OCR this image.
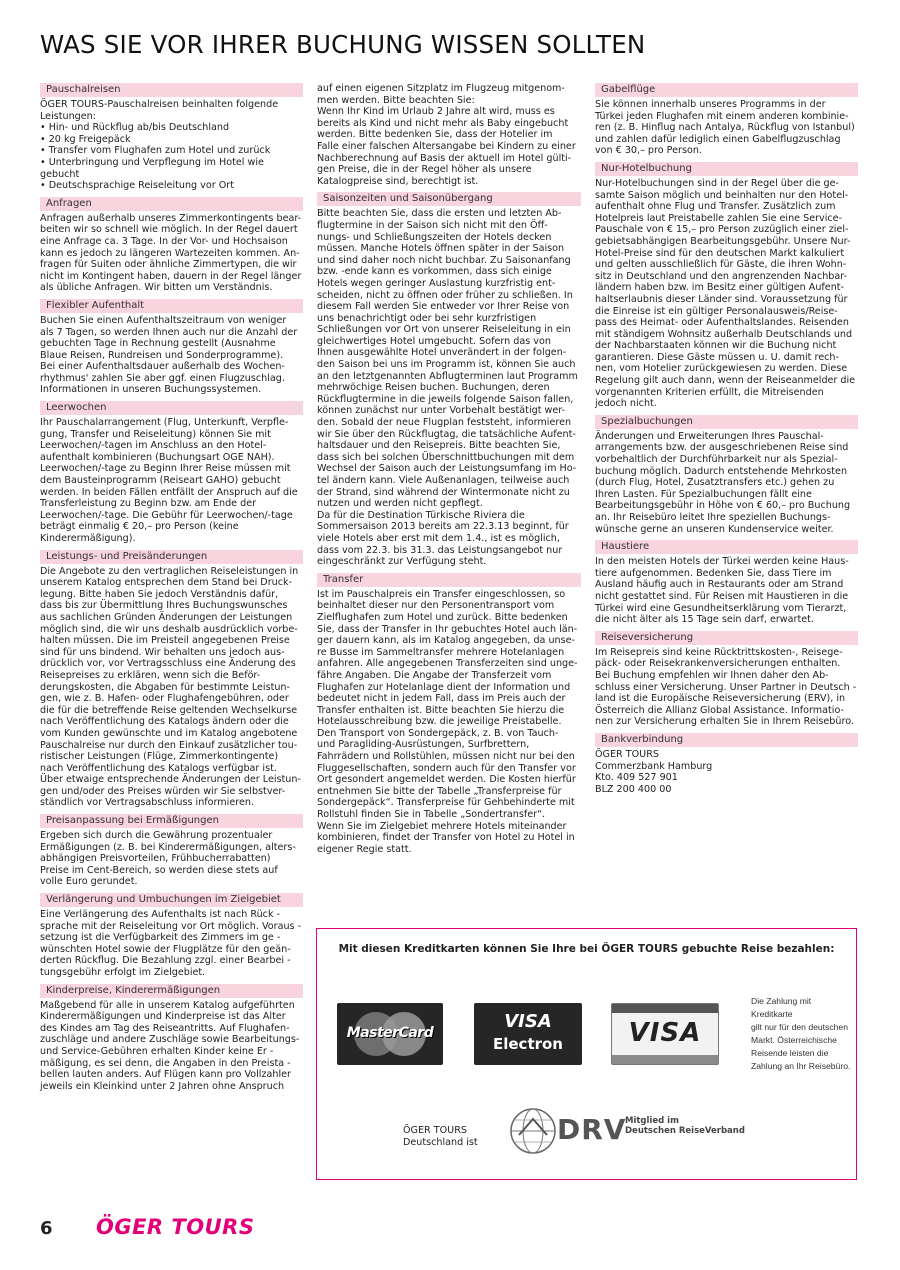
WAS SIE VOR IHRER BUCHUNG WISSEN SOLLTEN
Pauschalreisen
ÖGER TOURS-Pauschalreisen beinhalten folgende
Leistungen:
• Hin- und Rückflug ab/bis Deutschland
• 20 kg Freigepäck
• Transfer vom Flughafen zum Hotel und zurück
• Unterbringung und Verpflegung im Hotel wie
gebucht
• Deutschsprachige Reiseleitung vor Ort
Anfragen
Anfragen außerhalb unseres Zimmerkontingents bear-
beiten wir so schnell wie möglich. In der Regel dauert
eine Anfrage ca. 3 Tage. In der Vor- und Hochsaison
kann es jedoch zu längeren Wartezeiten kommen. An-
fragen für Suiten oder ähnliche Zimmertypen, die wir
nicht im Kontingent haben, dauern in der Regel länger
als übliche Anfragen. Wir bitten um Verständnis.
Flexibler Aufenthalt
Buchen Sie einen Aufenthaltszeitraum von weniger
als 7 Tagen, so werden Ihnen auch nur die Anzahl der
gebuchten Tage in Rechnung gestellt (Ausnahme
Blaue Reisen, Rundreisen und Sonderprogramme).
Bei einer Aufenthaltsdauer außerhalb des Wochen-
rhythmus' zahlen Sie aber ggf. einen Flugzuschlag.
Informationen in unseren Buchungssystemen.
Leerwochen
Ihr Pauschalarrangement (Flug, Unterkunft, Verpfle-
gung, Transfer und Reiseleitung) können Sie mit
Leerwochen/-tagen im Anschluss an den Hotel-
aufenthalt kombinieren (Buchungsart OGE NAH).
Leerwochen/-tage zu Beginn Ihrer Reise müssen mit
dem Bausteinprogramm (Reiseart GAHO) gebucht
werden. In beiden Fällen entfällt der Anspruch auf die
Transferleistung zu Beginn bzw. am Ende der
Leerwochen/-tage. Die Gebühr für Leerwochen/-tage
beträgt einmalig € 20,– pro Person (keine
Kinderermäßigung).
Leistungs- und Preisänderungen
Die Angebote zu den vertraglichen Reiseleistungen in
unserem Katalog entsprechen dem Stand bei Druck-
legung. Bitte haben Sie jedoch Verständnis dafür,
dass bis zur Übermittlung Ihres Buchungswunsches
aus sachlichen Gründen Änderungen der Leistungen
möglich sind, die wir uns deshalb ausdrücklich vorbe-
halten müssen. Die im Preisteil angegebenen Preise
sind für uns bindend. Wir behalten uns jedoch aus-
drücklich vor, vor Vertragsschluss eine Änderung des
Reisepreises zu erklären, wenn sich die Beför-
derungskosten, die Abgaben für bestimmte Leistun-
gen, wie z. B. Hafen- oder Flughafengebühren, oder
die für die betreffende Reise geltenden Wechselkurse
nach Veröffentlichung des Katalogs ändern oder die
vom Kunden gewünschte und im Katalog angebotene
Pauschalreise nur durch den Einkauf zusätzlicher tou-
ristischer Leistungen (Flüge, Zimmerkontingente)
nach Veröffentlichung des Katalogs verfügbar ist.
Über etwaige entsprechende Änderungen der Leistun-
gen und/oder des Preises würden wir Sie selbstver-
ständlich vor Vertragsabschluss informieren.
Preisanpassung bei Ermäßigungen
Ergeben sich durch die Gewährung prozentualer
Ermäßigungen (z. B. bei Kinderermäßigungen, alters-
abhängigen Preisvorteilen, Frühbucherrabatten)
Preise im Cent-Bereich, so werden diese stets auf
volle Euro gerundet.
Verlängerung und Umbuchungen im Zielgebiet
Eine Verlängerung des Aufenthalts ist nach Rück -
sprache mit der Reiseleitung vor Ort möglich. Voraus -
setzung ist die Verfügbarkeit des Zimmers im ge -
wünschten Hotel sowie der Flugplätze für den geän-
derten Rückflug. Die Bezahlung zzgl. einer Bearbei -
tungsgebühr erfolgt im Zielgebiet.
Kinderpreise, Kinderermäßigungen
Maßgebend für alle in unserem Katalog aufgeführten
Kinderermäßigungen und Kinderpreise ist das Alter
des Kindes am Tag des Reiseantritts. Auf Flughafen-
zuschläge und andere Zuschläge sowie Bearbeitungs-
und Service-Gebühren erhalten Kinder keine Er -
mäßigung, es sei denn, die Angaben in den Preista -
bellen lauten anders. Auf Flügen kann pro Vollzahler
jeweils ein Kleinkind unter 2 Jahren ohne Anspruch
auf einen eigenen Sitzplatz im Flugzeug mitgenom-
men werden. Bitte beachten Sie:
Wenn Ihr Kind im Urlaub 2 Jahre alt wird, muss es
bereits als Kind und nicht mehr als Baby eingebucht
werden. Bitte bedenken Sie, dass der Hotelier im
Falle einer falschen Altersangabe bei Kindern zu einer
Nachberechnung auf Basis der aktuell im Hotel gülti-
gen Preise, die in der Regel höher als unsere
Katalogpreise sind, berechtigt ist.
Saisonzeiten und Saisonübergang
Bitte beachten Sie, dass die ersten und letzten Ab-
flugtermine in der Saison sich nicht mit den Öff-
nungs- und Schließungszeiten der Hotels decken
müssen. Manche Hotels öffnen später in der Saison
und sind daher noch nicht buchbar. Zu Saisonanfang
bzw. -ende kann es vorkommen, dass sich einige
Hotels wegen geringer Auslastung kurzfristig ent-
scheiden, nicht zu öffnen oder früher zu schließen. In
diesem Fall werden Sie entweder vor Ihrer Reise von
uns benachrichtigt oder bei sehr kurzfristigen
Schließungen vor Ort von unserer Reiseleitung in ein
gleichwertiges Hotel umgebucht. Sofern das von
Ihnen ausgewählte Hotel unverändert in der folgen-
den Saison bei uns im Programm ist, können Sie auch
an den letztgenannten Abflugterminen laut Programm
mehrwöchige Reisen buchen. Buchungen, deren
Rückflugtermine in die jeweils folgende Saison fallen,
können zunächst nur unter Vorbehalt bestätigt wer-
den. Sobald der neue Flugplan feststeht, informieren
wir Sie über den Rückflugtag, die tatsächliche Aufent-
haltsdauer und den Reisepreis. Bitte beachten Sie,
dass sich bei solchen Überschnittbuchungen mit dem
Wechsel der Saison auch der Leistungsumfang im Ho-
tel ändern kann. Viele Außenanlagen, teilweise auch
der Strand, sind während der Wintermonate nicht zu
nutzen und werden nicht gepflegt.
Da für die Destination Türkische Riviera die
Sommersaison 2013 bereits am 22.3.13 beginnt, für
viele Hotels aber erst mit dem 1.4., ist es möglich,
dass vom 22.3. bis 31.3. das Leistungsangebot nur
eingeschränkt zur Verfügung steht.
Transfer
Ist im Pauschalpreis ein Transfer eingeschlossen, so
beinhaltet dieser nur den Personentransport vom
Zielflughafen zum Hotel und zurück. Bitte bedenken
Sie, dass der Transfer in Ihr gebuchtes Hotel auch län-
ger dauern kann, als im Katalog angegeben, da unse-
re Busse im Sammeltransfer mehrere Hotelanlagen
anfahren. Alle angegebenen Transferzeiten sind unge-
fähre Angaben. Die Angabe der Transferzeit vom
Flughafen zur Hotelanlage dient der Information und
bedeutet nicht in jedem Fall, dass im Preis auch der
Transfer enthalten ist. Bitte beachten Sie hierzu die
Hotelausschreibung bzw. die jeweilige Preistabelle.
Den Transport von Sondergepäck, z. B. von Tauch-
und Paragliding-Ausrüstungen, Surfbrettern,
Fahrrädern und Rollstühlen, müssen nicht nur bei den
Fluggesellschaften, sondern auch für den Transfer vor
Ort gesondert angemeldet werden. Die Kosten hierfür
entnehmen Sie bitte der Tabelle „Transferpreise für
Sondergepäck“. Transferpreise für Gehbehinderte mit
Rollstuhl finden Sie in Tabelle „Sondertransfer“.
Wenn Sie im Zielgebiet mehrere Hotels miteinander
kombinieren, findet der Transfer von Hotel zu Hotel in
eigener Regie statt.
Gabelflüge
Sie können innerhalb unseres Programms in der
Türkei jeden Flughafen mit einem anderen kombinie-
ren (z. B. Hinflug nach Antalya, Rückflug von Istanbul)
und zahlen dafür lediglich einen Gabelflugzuschlag
von € 30,– pro Person.
Nur-Hotelbuchung
Nur-Hotelbuchungen sind in der Regel über die ge-
samte Saison möglich und beinhalten nur den Hotel-
aufenthalt ohne Flug und Transfer. Zusätzlich zum
Hotelpreis laut Preistabelle zahlen Sie eine Service-
Pauschale von € 15,– pro Person zuzüglich einer ziel-
gebietsabhängigen Bearbeitungsgebühr. Unsere Nur-
Hotel-Preise sind für den deutschen Markt kalkuliert
und gelten ausschließlich für Gäste, die ihren Wohn-
sitz in Deutschland und den angrenzenden Nachbar-
ländern haben bzw. im Besitz einer gültigen Aufent-
haltserlaubnis dieser Länder sind. Voraussetzung für
die Einreise ist ein gültiger Personalausweis/Reise-
pass des Heimat- oder Aufenthaltslandes. Reisenden
mit ständigem Wohnsitz außerhalb Deutschlands und
der Nachbarstaaten können wir die Buchung nicht
garantieren. Diese Gäste müssen u. U. damit rech-
nen, vom Hotelier zurückgewiesen zu werden. Diese
Regelung gilt auch dann, wenn der Reiseanmelder die
vorgenannten Kriterien erfüllt, die Mitreisenden
jedoch nicht.
Spezialbuchungen
Änderungen und Erweiterungen Ihres Pauschal-
arrangements bzw. der ausgeschriebenen Reise sind
vorbehaltlich der Durchführbarkeit nur als Spezial-
buchung möglich. Dadurch entstehende Mehrkosten
(durch Flug, Hotel, Zusatztransfers etc.) gehen zu
Ihren Lasten. Für Spezialbuchungen fällt eine
Bearbeitungsgebühr in Höhe von € 60,– pro Buchung
an. Ihr Reisebüro leitet Ihre speziellen Buchungs-
wünsche gerne an unseren Kundenservice weiter.
Haustiere
In den meisten Hotels der Türkei werden keine Haus-
tiere aufgenommen. Bedenken Sie, dass Tiere im
Ausland häufig auch in Restaurants oder am Strand
nicht gestattet sind. Für Reisen mit Haustieren in die
Türkei wird eine Gesundheitserklärung vom Tierarzt,
die nicht älter als 15 Tage sein darf, erwartet.
Reiseversicherung
Im Reisepreis sind keine Rücktrittskosten-, Reisege-
päck- oder Reisekrankenversicherungen enthalten.
Bei Buchung empfehlen wir Ihnen daher den Ab-
schluss einer Versicherung. Unser Partner in Deutsch -
land ist die Europäische Reiseversicherung (ERV), in
Österreich die Allianz Global Assistance. Informatio-
nen zur Versicherung erhalten Sie in Ihrem Reisebüro.
Bankverbindung
ÖGER TOURS
Commerzbank Hamburg
Kto. 409 527 901
BLZ 200 400 00
Mit diesen Kreditkarten können Sie Ihre bei ÖGER TOURS gebuchte Reise bezahlen:
MasterCard
VISA
Electron	VISA
Die Zahlung mit Kreditkarte
gilt nur für den deutschen
Markt. Österreichische
Reisende leisten die
Zahlung an Ihr Reisebüro.
ÖGER TOURS
Deutschland ist	DRV
Mitglied im
Deutschen ReiseVerband
6 ÖGER TOURS
